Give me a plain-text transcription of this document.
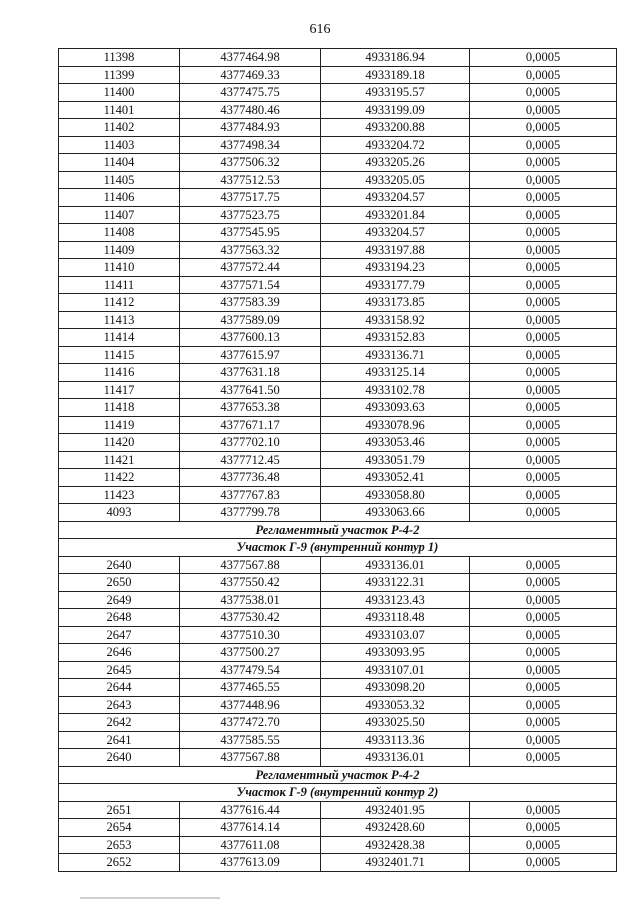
616
11398	4377464.98	4933186.94	0,0005
11399	4377469.33	4933189.18	0,0005
11400	4377475.75	4933195.57	0,0005
11401	4377480.46	4933199.09	0,0005
11402	4377484.93	4933200.88	0,0005
11403	4377498.34	4933204.72	0,0005
11404	4377506.32	4933205.26	0,0005
11405	4377512.53	4933205.05	0,0005
11406	4377517.75	4933204.57	0,0005
11407	4377523.75	4933201.84	0,0005
11408	4377545.95	4933204.57	0,0005
11409	4377563.32	4933197.88	0,0005
11410	4377572.44	4933194.23	0,0005
11411	4377571.54	4933177.79	0,0005
11412	4377583.39	4933173.85	0,0005
11413	4377589.09	4933158.92	0,0005
11414	4377600.13	4933152.83	0,0005
11415	4377615.97	4933136.71	0,0005
11416	4377631.18	4933125.14	0,0005
11417	4377641.50	4933102.78	0,0005
11418	4377653.38	4933093.63	0,0005
11419	4377671.17	4933078.96	0,0005
11420	4377702.10	4933053.46	0,0005
11421	4377712.45	4933051.79	0,0005
11422	4377736.48	4933052.41	0,0005
11423	4377767.83	4933058.80	0,0005
4093	4377799.78	4933063.66	0,0005
Регламентный участок Р-4-2			
Участок Г-9 (внутренний контур 1)			
2640	4377567.88	4933136.01	0,0005
2650	4377550.42	4933122.31	0,0005
2649	4377538.01	4933123.43	0,0005
2648	4377530.42	4933118.48	0,0005
2647	4377510.30	4933103.07	0,0005
2646	4377500.27	4933093.95	0,0005
2645	4377479.54	4933107.01	0,0005
2644	4377465.55	4933098.20	0,0005
2643	4377448.96	4933053.32	0,0005
2642	4377472.70	4933025.50	0,0005
2641	4377585.55	4933113.36	0,0005
2640	4377567.88	4933136.01	0,0005
Регламентный участок Р-4-2			
Участок Г-9 (внутренний контур 2)			
2651	4377616.44	4932401.95	0,0005
2654	4377614.14	4932428.60	0,0005
2653	4377611.08	4932428.38	0,0005
2652	4377613.09	4932401.71	0,0005
